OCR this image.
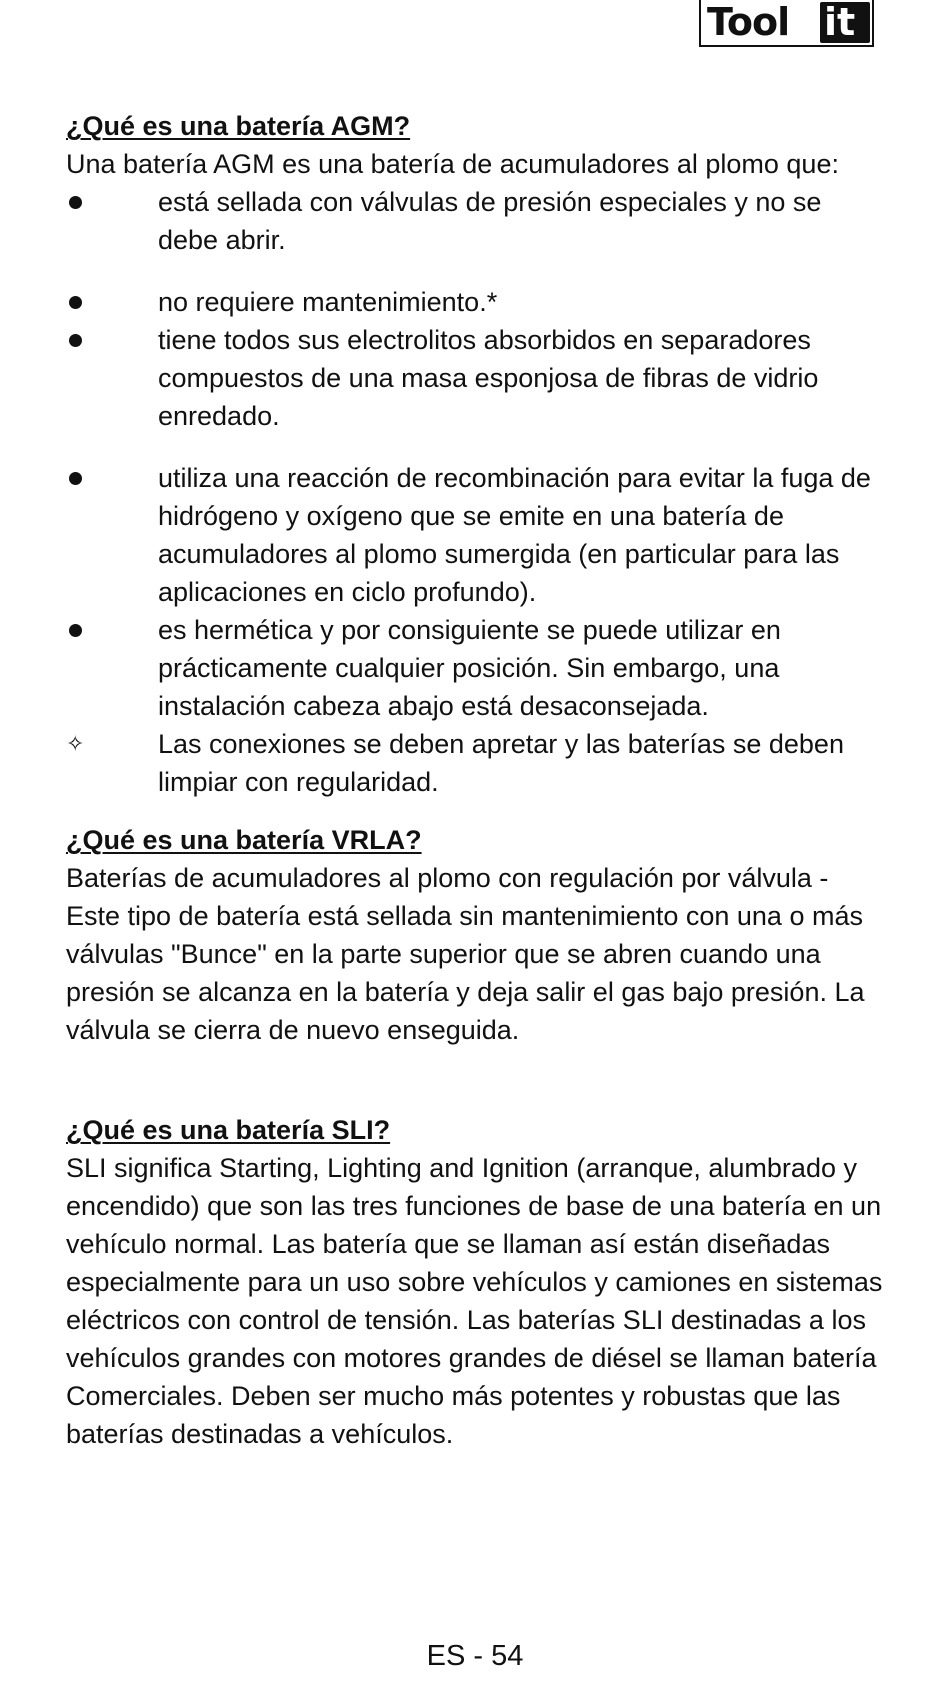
Tool it
¿Qué es una batería AGM?

Una batería AGM es una batería de acumuladores al plomo que:

está sellada con válvulas de presión especiales y no se debe abrir.
no requiere mantenimiento.*
tiene todos sus electrolitos absorbidos en separadores compuestos de una masa esponjosa de fibras de vidrio enredado.
utiliza una reacción de recombinación para evitar la fuga de hidrógeno y oxígeno que se emite en una batería de acumuladores al plomo sumergida (en particular para las aplicaciones en ciclo profundo).
es hermética y por consiguiente se puede utilizar en prácticamente cualquier posición. Sin embargo, una instalación cabeza abajo está desaconsejada.
✧	Las conexiones se deben apretar y las baterías se deben limpiar con regularidad.
¿Qué es una batería VRLA?

Baterías de acumuladores al plomo con regulación por válvula - Este tipo de batería está sellada sin mantenimiento con una o más válvulas "Bunce" en la parte superior que se abren cuando una presión se alcanza en la batería y deja salir el gas bajo presión. La válvula se cierra de nuevo enseguida.

¿Qué es una batería SLI?

SLI significa Starting, Lighting and Ignition (arranque, alumbrado y encendido) que son las tres funciones de base de una batería en un vehículo normal. Las batería que se llaman así están diseñadas especialmente para un uso sobre vehículos y camiones en sistemas eléctricos con control de tensión. Las baterías SLI destinadas a los vehículos grandes con motores grandes de diésel se llaman batería Comerciales. Deben ser mucho más potentes y robustas que las baterías destinadas a vehículos.

ES - 54
